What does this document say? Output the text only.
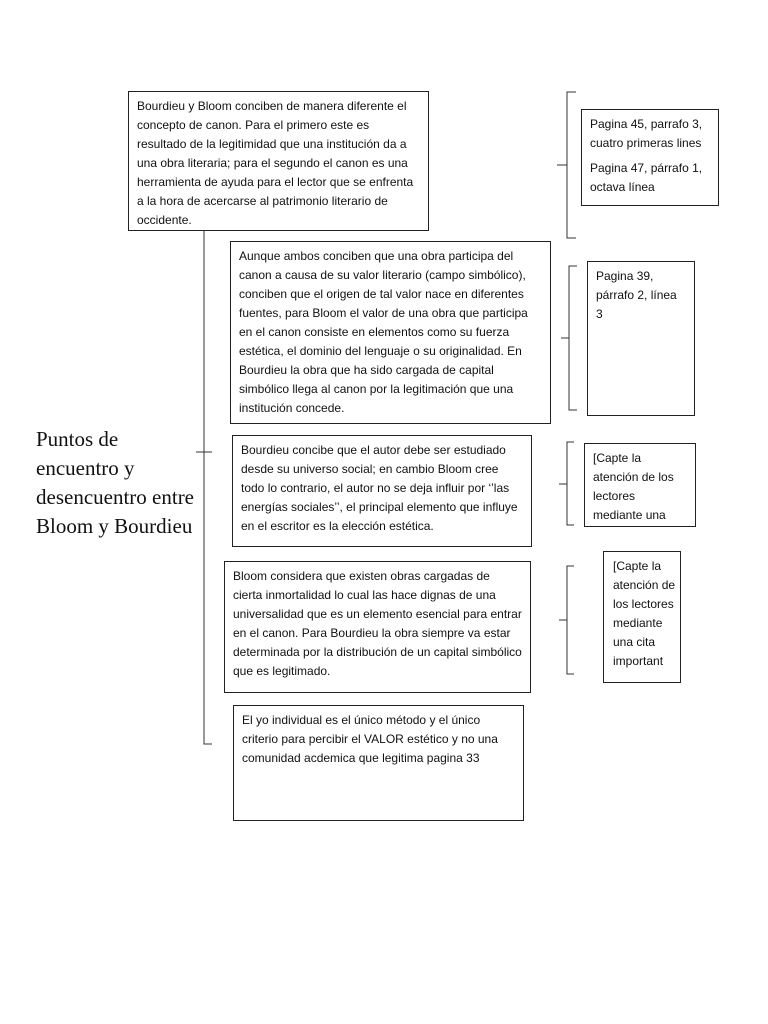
Puntos de encuentro y desencuentro entre Bloom y Bourdieu

Bourdieu y Bloom conciben de manera diferente el concepto de canon. Para el primero este es resultado de la legitimidad que una institución da a una obra literaria; para el segundo el canon es una herramienta de ayuda para el lector que se enfrenta a la hora de acercarse al patrimonio literario de occidente.

Aunque ambos conciben que una obra participa del canon a causa de su valor literario (campo simbólico), conciben que el origen de tal valor nace en diferentes fuentes, para Bloom el valor de una obra que participa en el canon consiste en elementos como su fuerza estética, el dominio del lenguaje o su originalidad. En Bourdieu la obra que ha sido cargada de capital simbólico llega al canon por la legitimación que una institución concede.

Bourdieu concibe que el autor debe ser estudiado desde su universo social; en cambio Bloom cree todo lo contrario, el autor no se deja influir por ‘’las energías sociales’’, el principal elemento que influye en el escritor es la elección estética.

Bloom considera que existen obras cargadas de cierta inmortalidad lo cual las hace dignas de una universalidad que es un elemento esencial para entrar en el canon. Para Bourdieu la obra siempre va estar determinada por la distribución de un capital simbólico que es legitimado.

El yo individual es el único método y el único criterio para percibir el VALOR estético y no una comunidad acdemica que legitima pagina 33

Pagina 45, parrafo 3, cuatro primeras lines

Pagina 47, párrafo 1, octava línea

Pagina 39, párrafo 2, línea 3

[Capte la atención de los lectores mediante una

[Capte la atención de los lectores mediante una cita important
